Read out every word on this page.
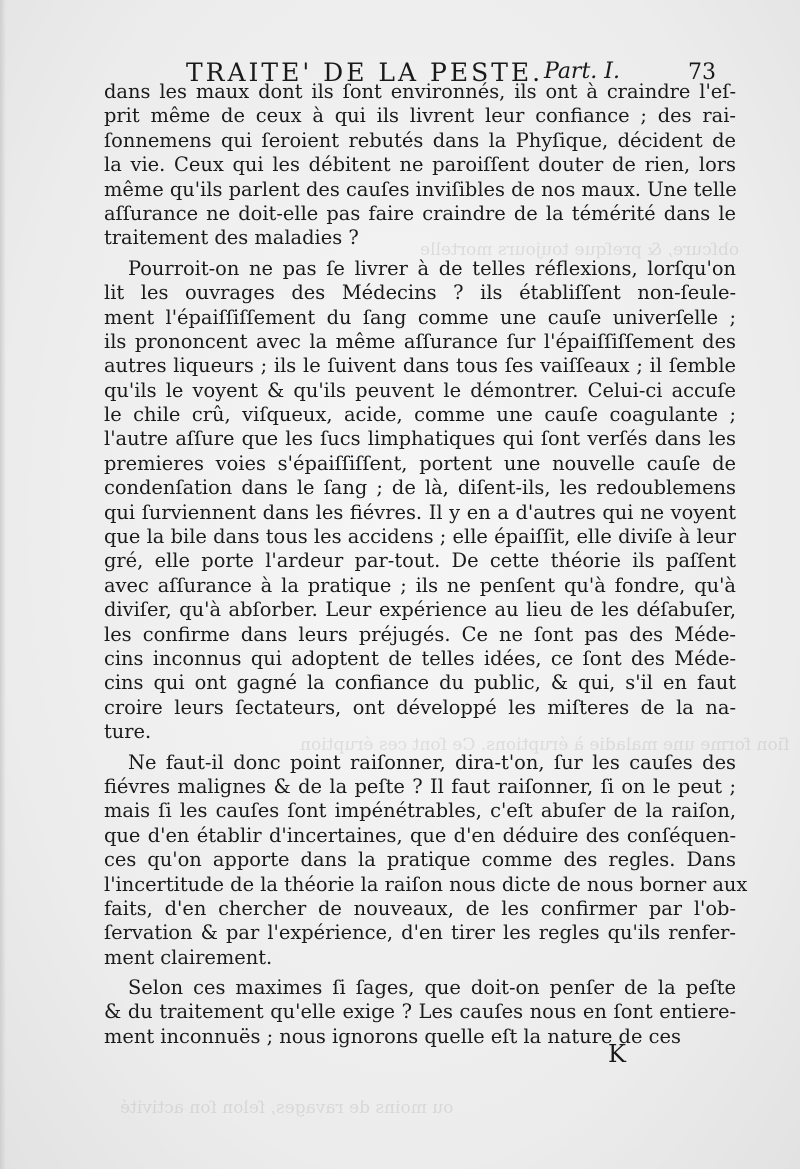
obſcure, & preſque toujours mortelle
ſion forme une maladie à éruptions. Ce ſont ces éruption
ou moins de ravages, ſelon ſon activité
TRAITE' DE LA PESTE. Part. I.	73
dans les maux dont ils ſont environnés, ils ont à craindre l'eſ-
prit même de ceux à qui ils livrent leur confiance ; des rai-
ſonnemens qui ſeroient rebutés dans la Phyſique, décident de
la vie. Ceux qui les débitent ne paroiſſent douter de rien, lors
même qu'ils parlent des cauſes inviſibles de nos maux. Une telle
aſſurance ne doit-elle pas faire craindre de la témérité dans le
traitement des maladies ?
Pourroit-on ne pas ſe livrer à de telles réflexions, lorſqu'on
lit les ouvrages des Médecins ? ils établiſſent non-ſeule-
ment l'épaiſſiſſement du ſang comme une cauſe univerſelle ;
ils prononcent avec la même aſſurance ſur l'épaiſſiſſement des
autres liqueurs ; ils le ſuivent dans tous ſes vaiſſeaux ; il ſemble
qu'ils le voyent & qu'ils peuvent le démontrer. Celui-ci accuſe
le chile crû, viſqueux, acide, comme une cauſe coagulante ;
l'autre aſſure que les ſucs limphatiques qui ſont verſés dans les
premieres voies s'épaiſſiſſent, portent une nouvelle cauſe de
condenſation dans le ſang ; de là, diſent-ils, les redoublemens
qui ſurviennent dans les fiévres. Il y en a d'autres qui ne voyent
que la bile dans tous les accidens ; elle épaiſſit, elle diviſe à leur
gré, elle porte l'ardeur par-tout. De cette théorie ils paſſent
avec aſſurance à la pratique ; ils ne penſent qu'à fondre, qu'à
diviſer, qu'à abſorber. Leur expérience au lieu de les déſabuſer,
les confirme dans leurs préjugés. Ce ne ſont pas des Méde-
cins inconnus qui adoptent de telles idées, ce ſont des Méde-
cins qui ont gagné la confiance du public, & qui, s'il en faut
croire leurs ſectateurs, ont développé les miſteres de la na-
ture.
Ne faut-il donc point raiſonner, dira-t'on, ſur les cauſes des
fiévres malignes & de la peſte ? Il faut raiſonner, ſi on le peut ;
mais ſi les cauſes ſont impénétrables, c'eſt abuſer de la raiſon,
que d'en établir d'incertaines, que d'en déduire des conſéquen-
ces qu'on apporte dans la pratique comme des regles. Dans
l'incertitude de la théorie la raiſon nous dicte de nous borner aux
faits, d'en chercher de nouveaux, de les confirmer par l'ob-
ſervation & par l'expérience, d'en tirer les regles qu'ils renfer-
ment clairement.
Selon ces maximes ſi ſages, que doit-on penſer de la peſte
& du traitement qu'elle exige ? Les cauſes nous en ſont entiere-
ment inconnuës ; nous ignorons quelle eſt la nature de ces
K
